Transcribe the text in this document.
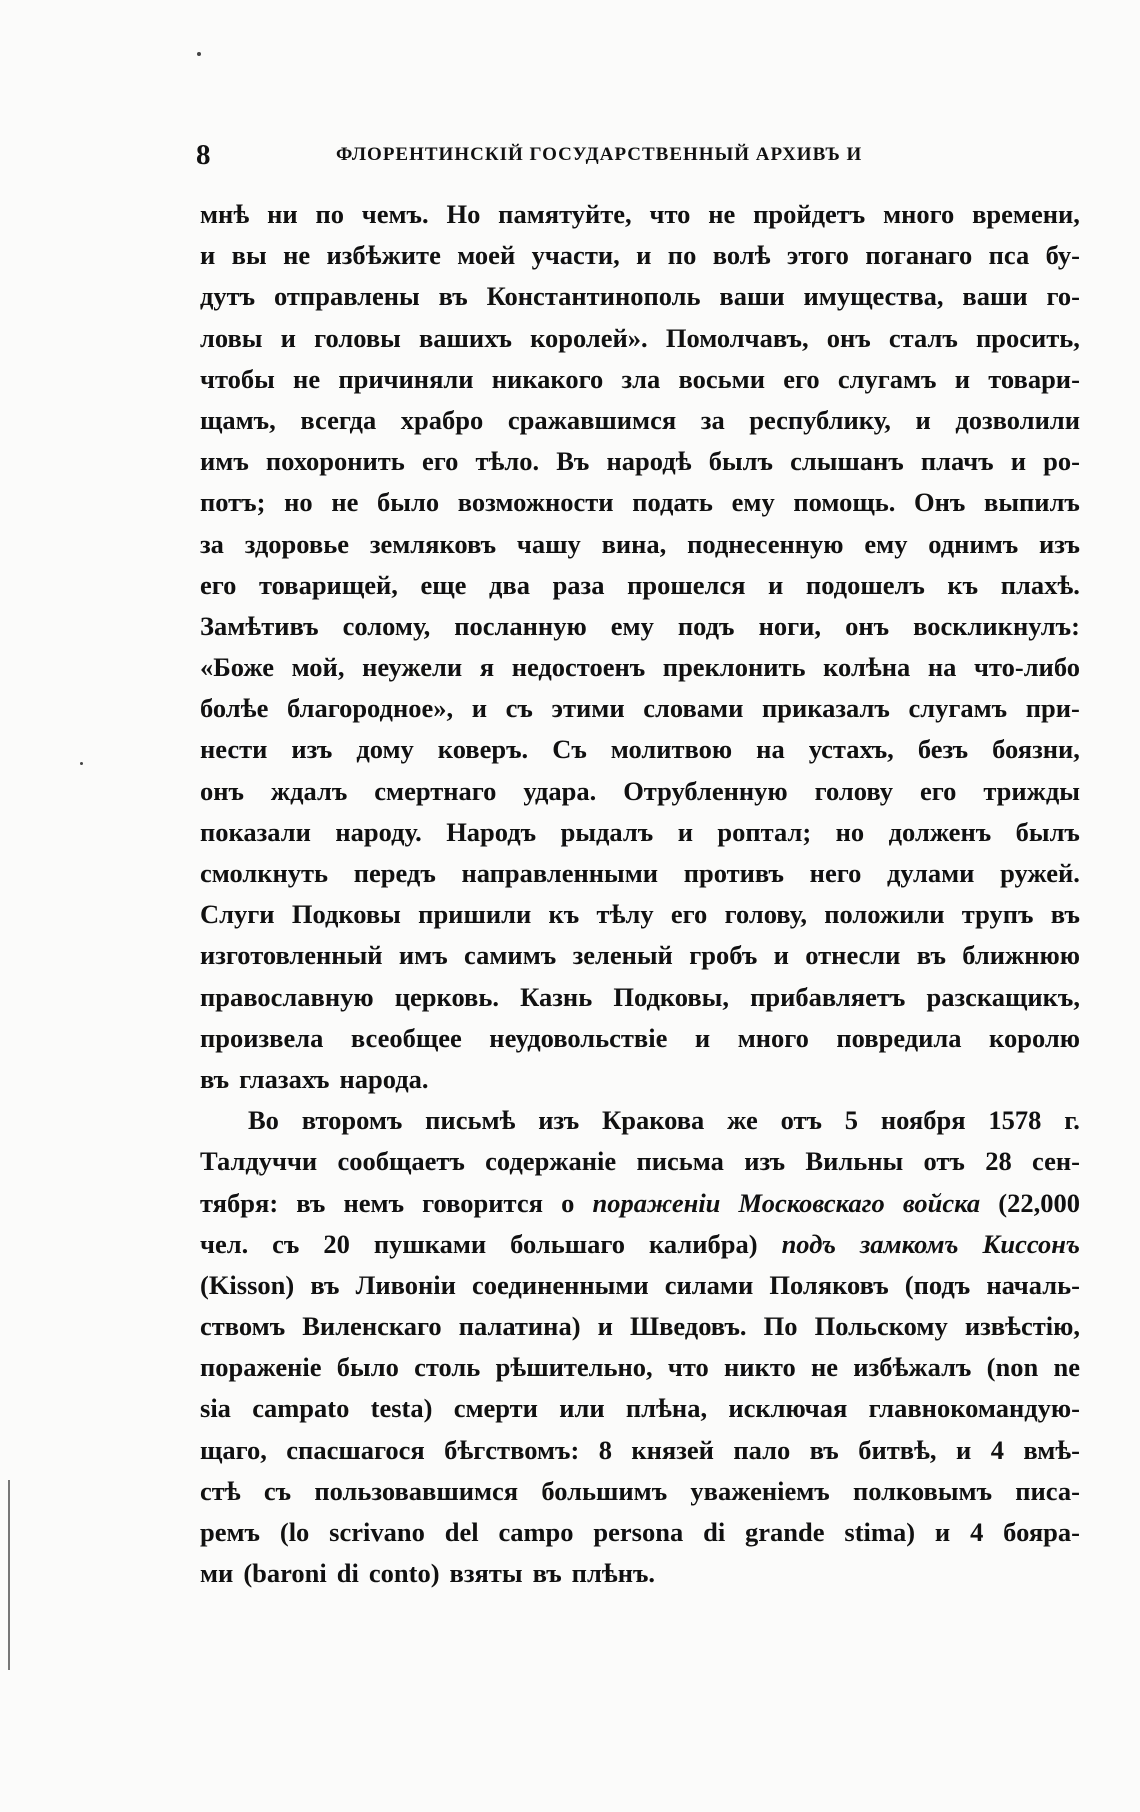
8	ФЛОРЕНТИНСКІЙ ГОСУДАРСТВЕННЫЙ АРХИВЪ И
мнѣ ни по чемъ. Но памятуйте, что не пройдетъ много времени,
и вы не избѣжите моей участи, и по волѣ этого поганаго пса бу-
дутъ отправлены въ Константинополь ваши имущества, ваши го-
ловы и головы вашихъ королей». Помолчавъ, онъ сталъ просить,
чтобы не причиняли никакого зла восьми его слугамъ и товари-
щамъ, всегда храбро сражавшимся за республику, и дозволили
имъ похоронить его тѣло. Въ народѣ былъ слышанъ плачъ и ро-
потъ; но не было возможности подать ему помощь. Онъ выпилъ
за здоровье земляковъ чашу вина, поднесенную ему однимъ изъ
его товарищей, еще два раза прошелся и подошелъ къ плахѣ.
Замѣтивъ солому, посланную ему подъ ноги, онъ воскликнулъ:
«Боже мой, неужели я недостоенъ преклонить колѣна на что-либо
болѣе благородное», и съ этими словами приказалъ слугамъ при-
нести изъ дому коверъ. Съ молитвою на устахъ, безъ боязни,
онъ ждалъ смертнаго удара. Отрубленную голову его трижды
показали народу. Народъ рыдалъ и роптал; но долженъ былъ
смолкнуть передъ направленными противъ него дулами ружей.
Слуги Подковы пришили къ тѣлу его голову, положили трупъ въ
изготовленный имъ самимъ зеленый гробъ и отнесли въ ближнюю
православную церковь. Казнь Подковы, прибавляетъ разскащикъ,
произвела всеобщее неудовольствіе и много повредила королю
въ глазахъ народа.
Во второмъ письмѣ изъ Кракова же отъ 5 ноября 1578 г.
Талдуччи сообщаетъ содержаніе письма изъ Вильны отъ 28 сен-
тября: въ немъ говорится о пораженіи Московскаго войска (22,000
чел. съ 20 пушками большаго калибра) подъ замкомъ Киссонъ
(Kisson) въ Ливоніи соединенными силами Поляковъ (подъ началь-
ствомъ Виленскаго палатина) и Шведовъ. По Польскому извѣстію,
пораженіе было столь рѣшительно, что никто не избѣжалъ (non ne
sia campato testa) смерти или плѣна, исключая главнокомандую-
щаго, спасшагося бѣгствомъ: 8 князей пало въ битвѣ, и 4 вмѣ-
стѣ съ пользовавшимся большимъ уваженіемъ полковымъ писа-
ремъ (lo scrivano del campo persona di grande stima) и 4 бояра-
ми (baroni di conto) взяты въ плѣнъ.
